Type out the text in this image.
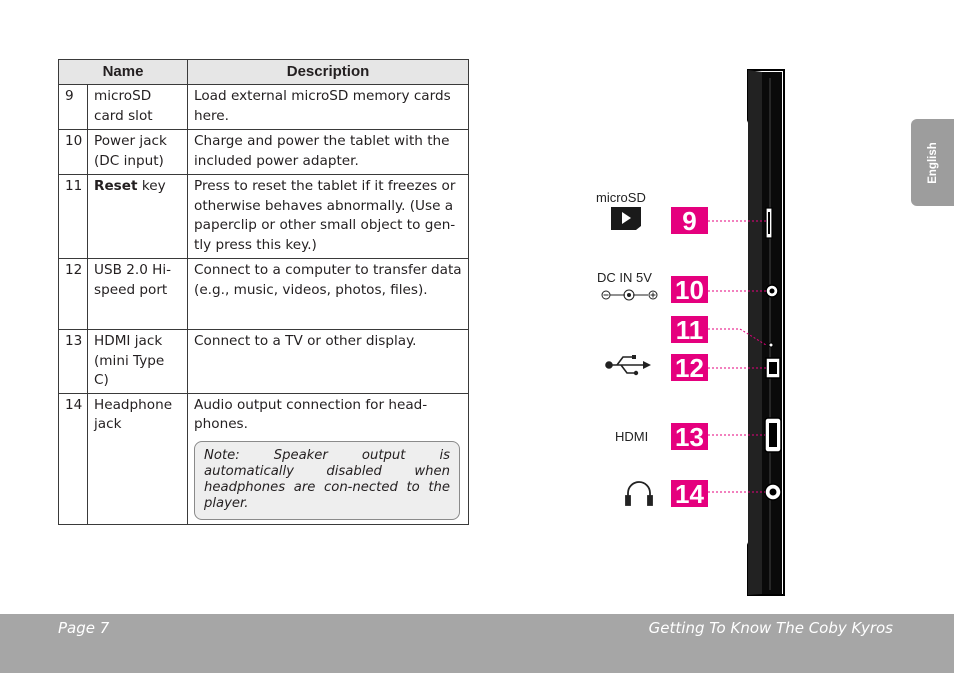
Name		Description
9	microSD card slot	Load external microSD memory cards here.
10	Power jack (DC input)	Charge and power the tablet with the included power adapter.
11	Reset key	Press to reset the tablet if it freezes or otherwise behaves abnormally. (Use a paperclip or other small object to gen-tly press this key.)
12	USB 2.0 Hi-speed port	Connect to a computer to transfer data (e.g., music, videos, photos, files).
13	HDMI jack (mini Type C)	Connect to a TV or other display.
14	Headphone jack	Audio output connection for head-phones.
Note: Speaker output is automatically disabled when headphones are con-nected to the player.
9
10
11
12
13
14
microSD
DC IN 5V
HDMI
English
Page 7	Getting To Know The Coby Kyros
